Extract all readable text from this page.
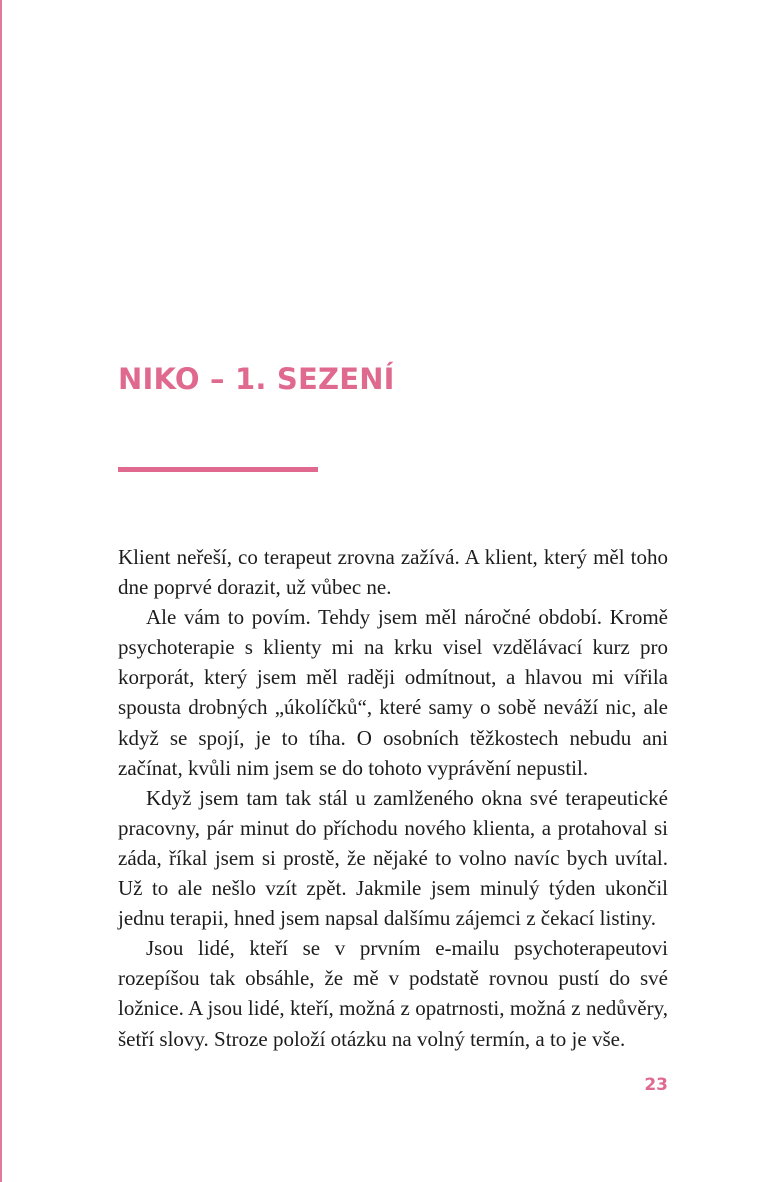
NIKO – 1. SEZENÍ

Klient neřeší, co terapeut zrovna zažívá. A klient, který měl toho dne poprvé dorazit, už vůbec ne.

Ale vám to povím. Tehdy jsem měl náročné období. Kromě psychoterapie s klienty mi na krku visel vzdělávací kurz pro korporát, který jsem měl raději odmítnout, a hlavou mi vířila spousta drobných „úkolíčků“, které samy o sobě neváží nic, ale když se spojí, je to tíha. O osobních těžkostech nebudu ani začínat, kvůli nim jsem se do tohoto vyprávění nepustil.

Když jsem tam tak stál u zamlženého okna své terapeutické pracovny, pár minut do příchodu nového klienta, a protahoval si záda, říkal jsem si prostě, že nějaké to volno navíc bych uvítal. Už to ale nešlo vzít zpět. Jakmile jsem minulý týden ukončil jednu terapii, hned jsem napsal dalšímu zájemci z čekací listiny.

Jsou lidé, kteří se v prvním e-mailu psychoterapeutovi rozepíšou tak obsáhle, že mě v podstatě rovnou pustí do své ložnice. A jsou lidé, kteří, možná z opatrnosti, možná z nedůvěry, šetří slovy. Stroze položí otázku na volný termín, a to je vše.

23
